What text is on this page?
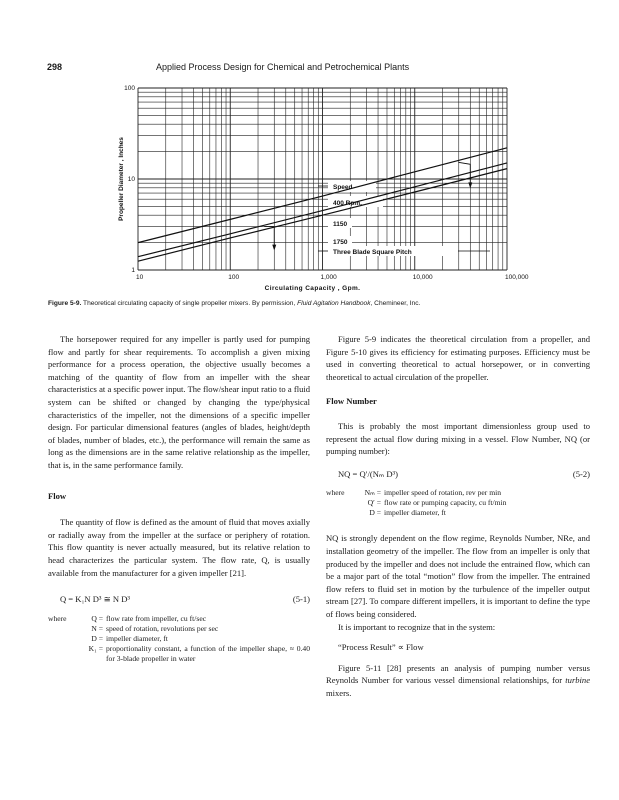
298	Applied Process Design for Chemical and Petrochemical Plants
Speed
400 Rpm.
1150
1750
Three Blade Square Pitch
10	100	1,000	10,000	100,000
1
10
100
Circulating Capacity , Gpm.
Propeller Diameter , Inches
Figure 5-9. Theoretical circulating capacity of single propeller mixers. By permission, Fluid Agitation Handbook, Chemineer, Inc.

The horsepower required for any impeller is partly used for pumping flow and partly for shear requirements. To accomplish a given mixing performance for a process operation, the objective usually becomes a matching of the quantity of flow from an impeller with the shear characteristics at a specific power input. The flow/shear input ratio to a fluid system can be shifted or changed by changing the type/physical characteristics of the impeller, not the dimensions of a specific impeller design. For particular dimensional features (angles of blades, height/depth of blades, number of blades, etc.), the performance will remain the same as long as the dimensions are in the same relative relationship as the impeller, that is, in the same performance family.

Flow

The quantity of flow is defined as the amount of fluid that moves axially or radially away from the impeller at the surface or periphery of rotation. This flow quantity is never actually measured, but its relative relation to head characterizes the particular system. The flow rate, Q, is usually available from the manufacturer for a given impeller [21].

Q = K₁N D³ ≅ N D³	(5-1)
where	Q = flow rate from impeller, cu ft/sec
N = speed of rotation, revolutions per sec
D = impeller diameter, ft
K₁ = proportionality constant, a function of the impeller shape, ≈ 0.40 for 3-blade propeller in water

Figure 5-9 indicates the theoretical circulation from a propeller, and Figure 5-10 gives its efficiency for estimating purposes. Efficiency must be used in converting theoretical to actual horsepower, or in converting theoretical to actual circulation of the propeller.

Flow Number

This is probably the most important dimensionless group used to represent the actual flow during mixing in a vessel. Flow Number, NQ (or pumping number):

NQ = Q′/(Nₘ D³)	(5-2)
where	Nₘ = impeller speed of rotation, rev per min
Q′ = flow rate or pumping capacity, cu ft/min
D = impeller diameter, ft

NQ is strongly dependent on the flow regime, Reynolds Number, NRe, and installation geometry of the impeller. The flow from an impeller is only that produced by the impeller and does not include the entrained flow, which can be a major part of the total “motion” flow from the impeller. The entrained flow refers to fluid set in motion by the turbulence of the impeller output stream [27]. To compare different impellers, it is important to define the type of flows being considered.

It is important to recognize that in the system:

“Process Result” ∝ Flow

Figure 5-11 [28] presents an analysis of pumping number versus Reynolds Number for various vessel dimensional relationships, for turbine mixers.
